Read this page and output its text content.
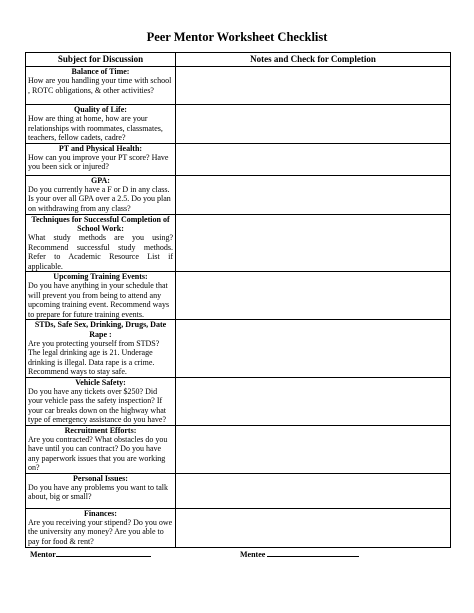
Peer Mentor Worksheet Checklist
Subject for Discussion	Notes and Check for Completion

Balance of Time:
How are you handling your time with school , ROTC obligations, & other activities?	

Quality of Life:
How are thing at home, how are your relationships with roommates, classmates, teachers, fellow cadets, cadre?	

PT and Physical Health:
How can you improve your PT score? Have you been sick or injured?	

GPA:
Do you currently have a F or D in any class. Is your over all GPA over a 2.5. Do you plan on withdrawing from any class?	

Techniques for Successful Completion of School Work:
What study methods are you using? Recommend successful study methods. Refer to Academic Resource List if applicable.	

Upcoming Training Events:
Do you have anything in your schedule that will prevent you from being to attend any upcoming training event. Recommend ways to prepare for future training events.	

STDs, Safe Sex, Drinking, Drugs, Date Rape :
Are you protecting yourself from STDS? The legal drinking age is 21. Underage drinking is illegal. Data rape is a crime. Recommend ways to stay safe.	

Vehicle Safety:
Do you have any tickets over $250? Did your vehicle pass the safety inspection? If your car breaks down on the highway what type of emergency assistance do you have?	

Recruitment Efforts:
Are you contracted? What obstacles do you have until you can contract? Do you have any paperwork issues that you are working on?	

Personal Issues:
Do you have any problems you want to talk about, big or small?	

Finances:
Are you receiving your stipend? Do you owe the university any money? Are you able to pay for food & rent?	

Mentor	Mentee
